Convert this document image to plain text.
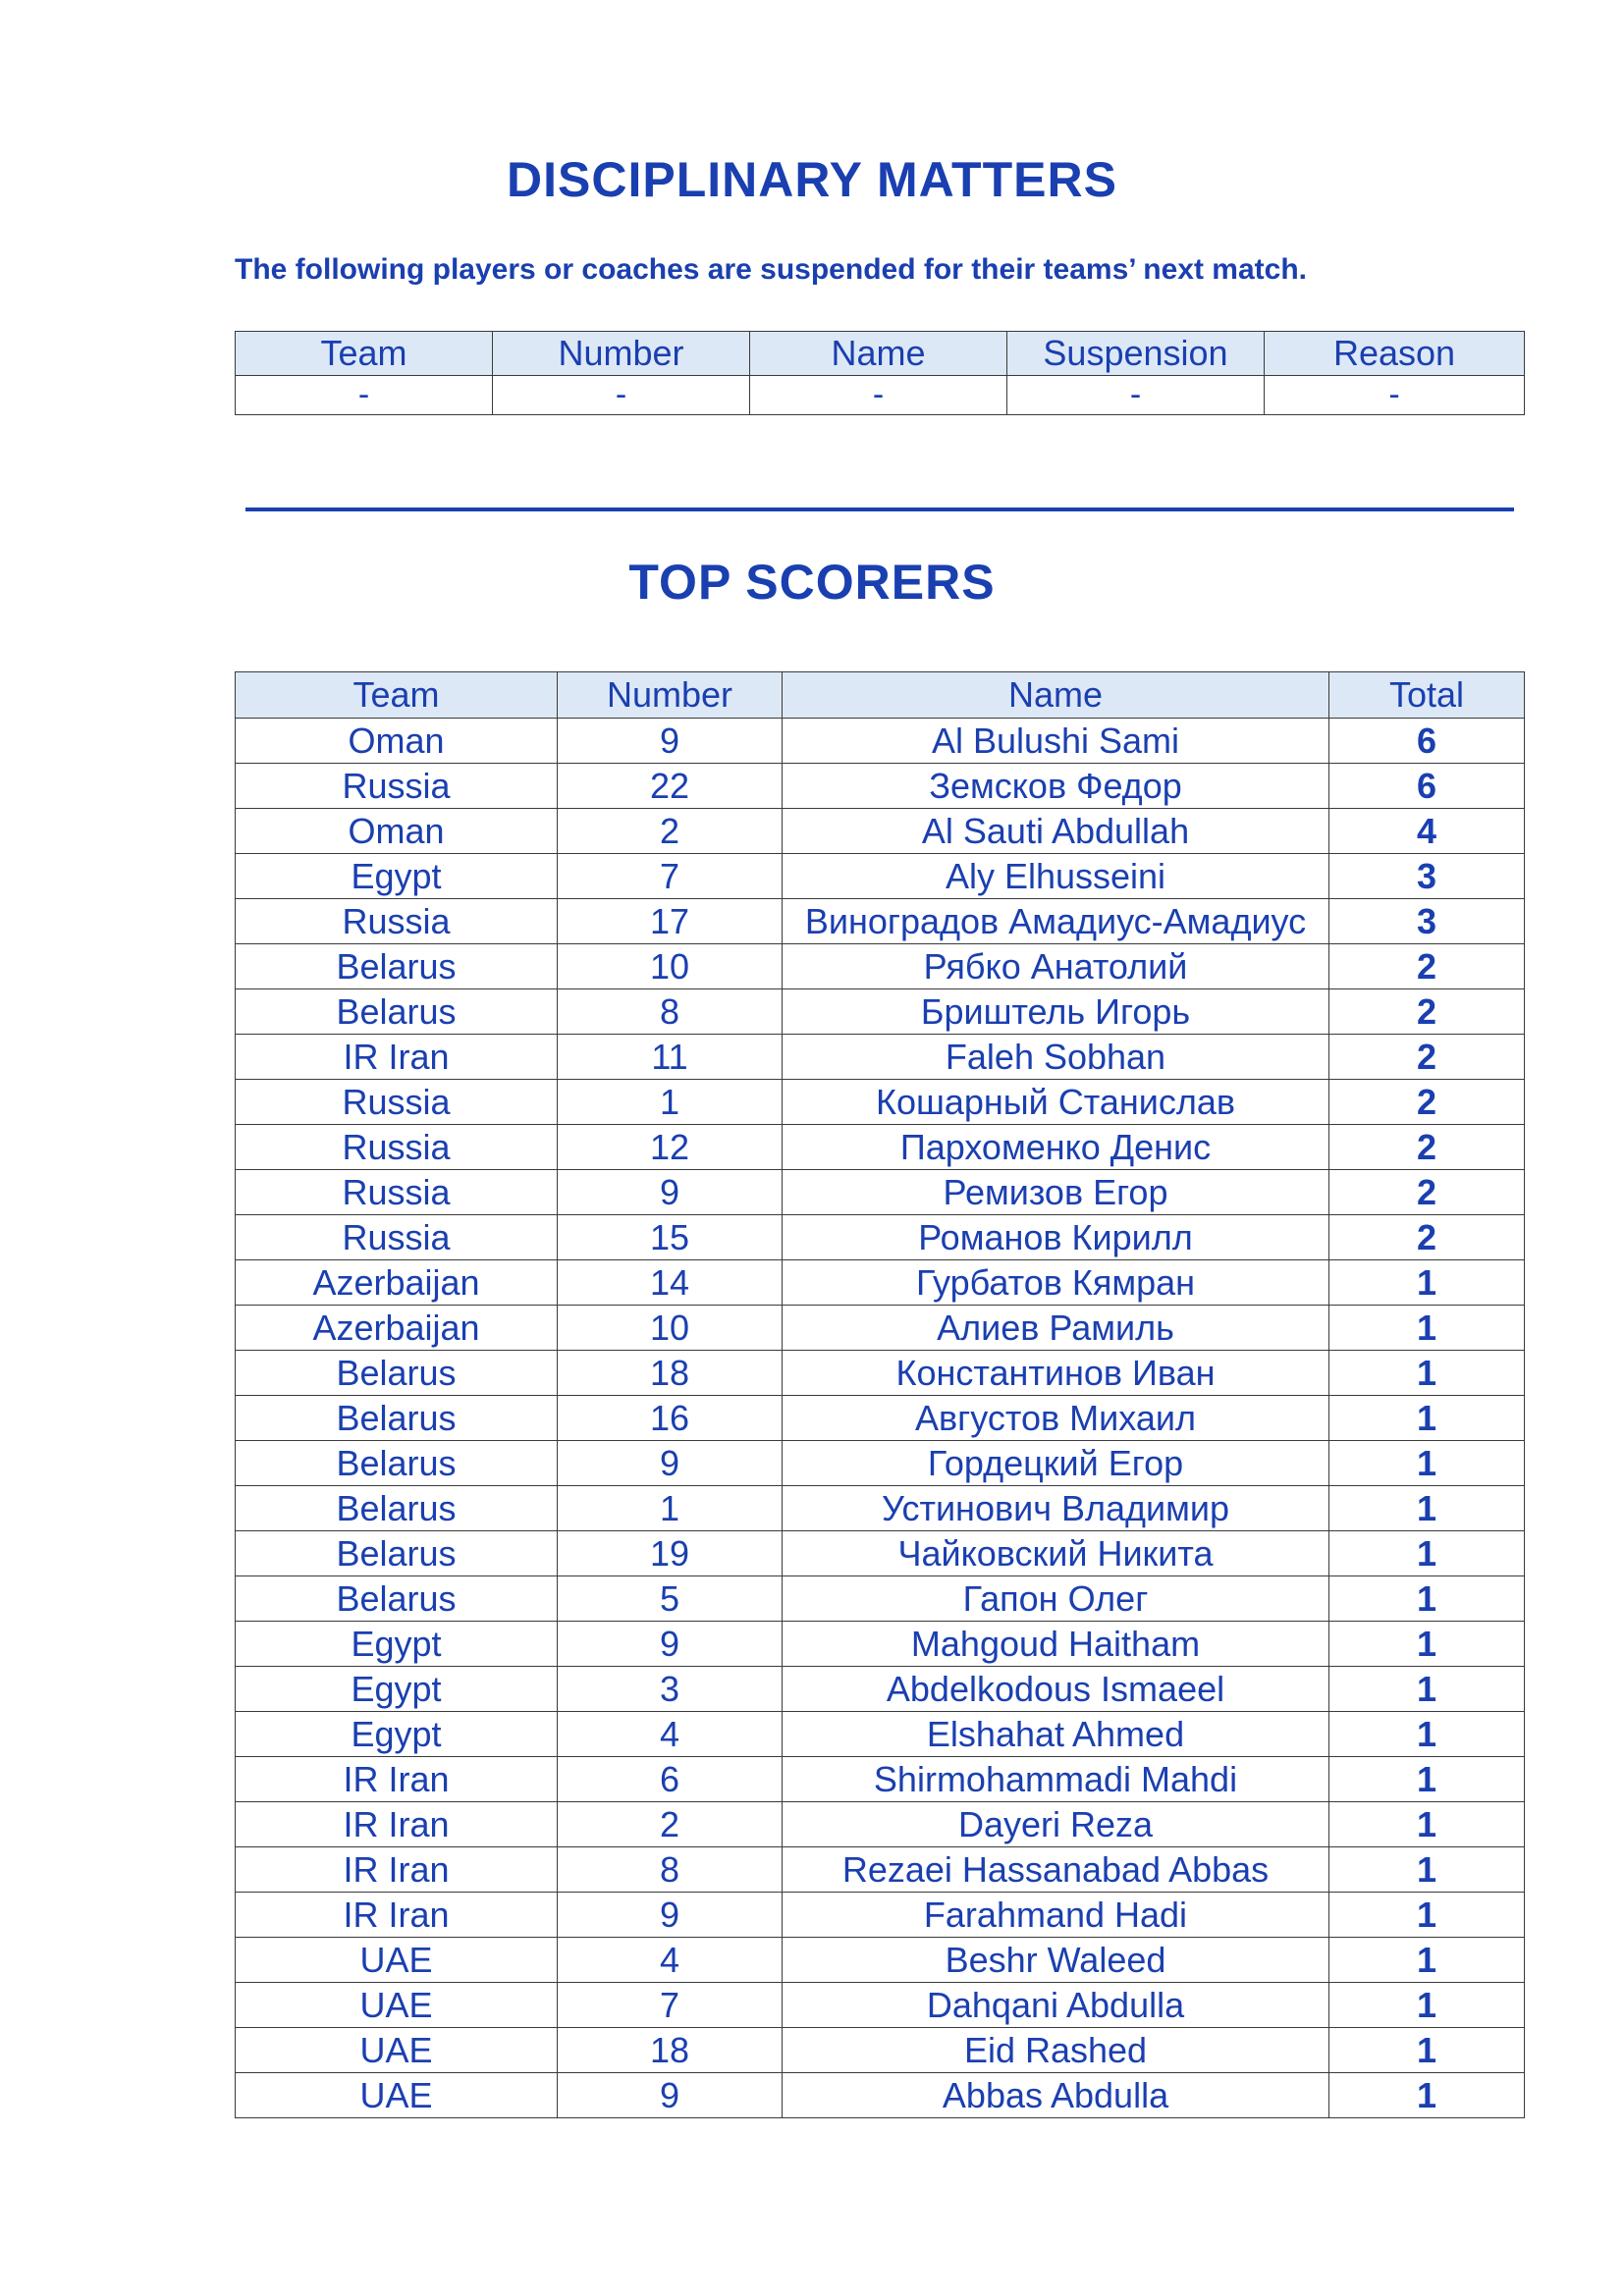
DISCIPLINARY MATTERS
The following players or coaches are suspended for their teams’ next match.
Team	Number	Name	Suspension	Reason
-	-	-	-	-
TOP SCORERS
Team	Number	Name	Total
Oman	9	Al Bulushi Sami	6
Russia	22	Земсков Федор	6
Oman	2	Al Sauti Abdullah	4
Egypt	7	Aly Elhusseini	3
Russia	17	Виноградов Амадиус-Амадиус	3
Belarus	10	Рябко Анатолий	2
Belarus	8	Бриштель Игорь	2
IR Iran	11	Faleh Sobhan	2
Russia	1	Кошарный Станислав	2
Russia	12	Пархоменко Денис	2
Russia	9	Ремизов Егор	2
Russia	15	Романов Кирилл	2
Azerbaijan	14	Гурбатов Кямран	1
Azerbaijan	10	Алиев Рамиль	1
Belarus	18	Константинов Иван	1
Belarus	16	Августов Михаил	1
Belarus	9	Гордецкий Егор	1
Belarus	1	Устинович Владимир	1
Belarus	19	Чайковский Никита	1
Belarus	5	Гапон Олег	1
Egypt	9	Mahgoud Haitham	1
Egypt	3	Abdelkodous Ismaeel	1
Egypt	4	Elshahat Ahmed	1
IR Iran	6	Shirmohammadi Mahdi	1
IR Iran	2	Dayeri Reza	1
IR Iran	8	Rezaei Hassanabad Abbas	1
IR Iran	9	Farahmand Hadi	1
UAE	4	Beshr Waleed	1
UAE	7	Dahqani Abdulla	1
UAE	18	Eid Rashed	1
UAE	9	Abbas Abdulla	1
